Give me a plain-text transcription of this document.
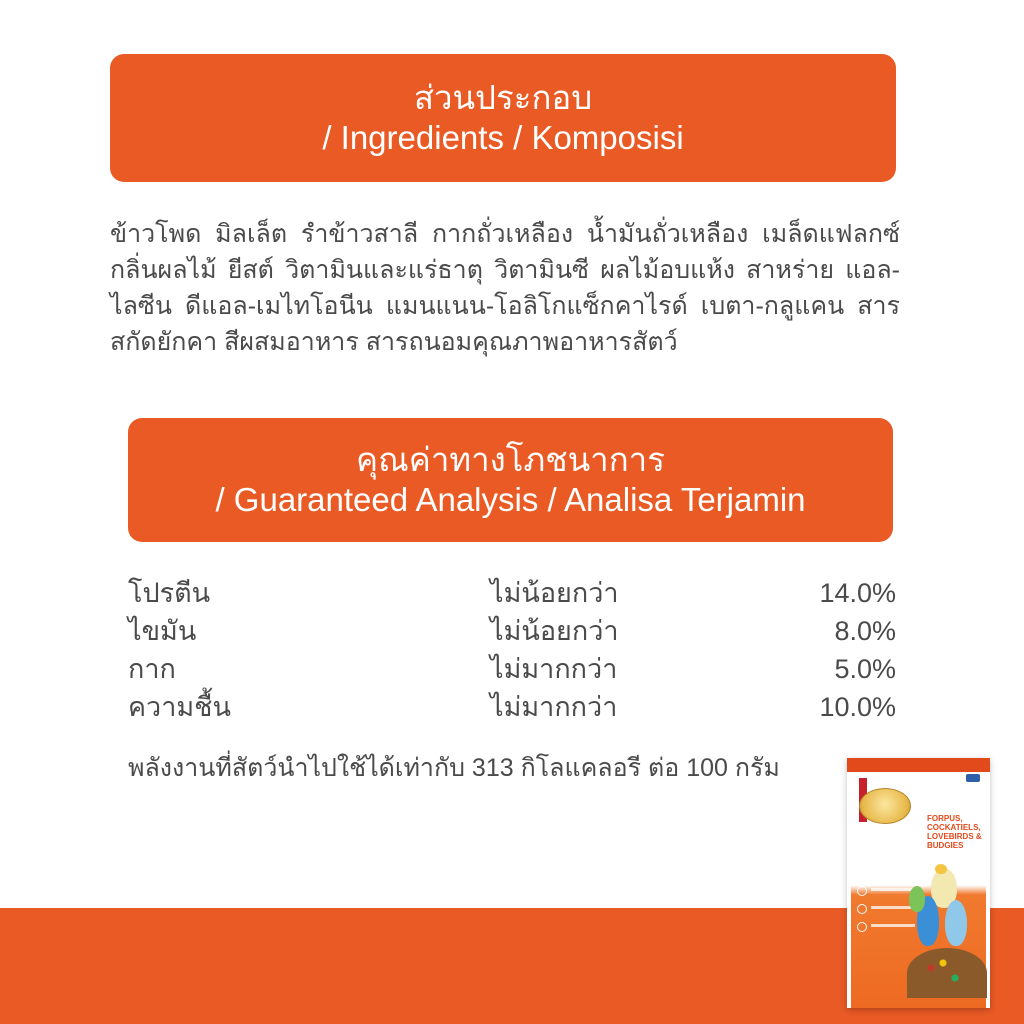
ส่วนประกอบ
/ Ingredients / Komposisi
ข้าวโพด มิลเล็ต รำข้าวสาลี กากถั่วเหลือง น้ำมันถั่วเหลือง เมล็ดแฟลกซ์ กลิ่นผลไม้ ยีสต์ วิตามินและแร่ธาตุ วิตามินซี ผลไม้อบแห้ง สาหร่าย แอล-ไลซีน ดีแอล-เมไทโอนีน แมนแนน-โอลิโกแซ็กคาไรด์ เบตา-กลูแคน สารสกัดยักคา สีผสมอาหาร สารถนอมคุณภาพอาหารสัตว์
คุณค่าทางโภชนาการ
/ Guaranteed Analysis / Analisa Terjamin
โปรตีน	ไม่น้อยกว่า	14.0%
ไขมัน	ไม่น้อยกว่า	8.0%
กาก	ไม่มากกว่า	5.0%
ความชื้น	ไม่มากกว่า	10.0%
พลังงานที่สัตว์นำไปใช้ได้เท่ากับ 313 กิโลแคลอรี ต่อ 100 กรัม
FORPUS, COCKATIELS, LOVEBIRDS & BUDGIES
